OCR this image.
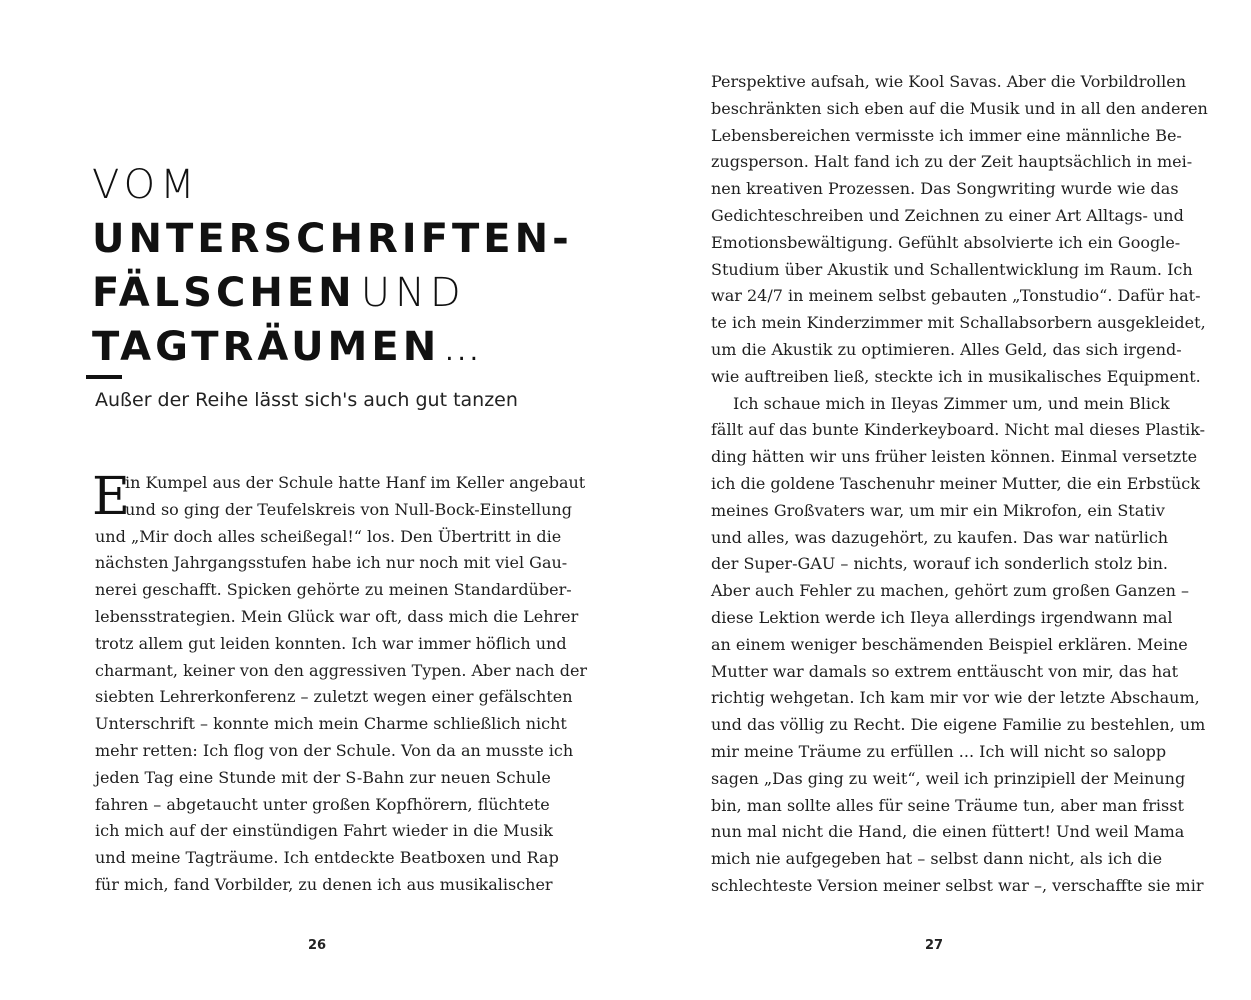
VOM
UNTERSCHRIFTEN-
FÄLSCHEN UND
TAGTRÄUMEN ...
Außer der Reihe lässt sich's auch gut tanzen
E
in Kumpel aus der Schule hatte Hanf im Keller angebaut
und so ging der Teufelskreis von Null-Bock-Einstellung
und „Mir doch alles scheißegal!“ los. Den Übertritt in die
nächsten Jahrgangsstufen habe ich nur noch mit viel Gau-
nerei geschafft. Spicken gehörte zu meinen Standardüber-
lebensstrategien. Mein Glück war oft, dass mich die Lehrer
trotz allem gut leiden konnten. Ich war immer höflich und
charmant, keiner von den aggressiven Typen. Aber nach der
siebten Lehrerkonferenz – zuletzt wegen einer gefälschten
Unterschrift – konnte mich mein Charme schließlich nicht
mehr retten: Ich flog von der Schule. Von da an musste ich
jeden Tag eine Stunde mit der S-Bahn zur neuen Schule
fahren – abgetaucht unter großen Kopfhörern, flüchtete
ich mich auf der einstündigen Fahrt wieder in die Musik
und meine Tagträume. Ich entdeckte Beatboxen und Rap
für mich, fand Vorbilder, zu denen ich aus musikalischer
26
Perspektive aufsah, wie Kool Savas. Aber die Vorbildrollen
beschränkten sich eben auf die Musik und in all den anderen
Lebensbereichen vermisste ich immer eine männliche Be-
zugsperson. Halt fand ich zu der Zeit hauptsächlich in mei-
nen kreativen Prozessen. Das Songwriting wurde wie das
Gedichteschreiben und Zeichnen zu einer Art Alltags- und
Emotionsbewältigung. Gefühlt absolvierte ich ein Google-
Studium über Akustik und Schallentwicklung im Raum. Ich
war 24/7 in meinem selbst gebauten „Tonstudio“. Dafür hat-
te ich mein Kinderzimmer mit Schallabsorbern ausgekleidet,
um die Akustik zu optimieren. Alles Geld, das sich irgend-
wie auftreiben ließ, steckte ich in musikalisches Equipment.
Ich schaue mich in Ileyas Zimmer um, und mein Blick
fällt auf das bunte Kinderkeyboard. Nicht mal dieses Plastik-
ding hätten wir uns früher leisten können. Einmal versetzte
ich die goldene Taschenuhr meiner Mutter, die ein Erbstück
meines Großvaters war, um mir ein Mikrofon, ein Stativ
und alles, was dazugehört, zu kaufen. Das war natürlich
der Super-GAU – nichts, worauf ich sonderlich stolz bin.
Aber auch Fehler zu machen, gehört zum großen Ganzen –
diese Lektion werde ich Ileya allerdings irgendwann mal
an einem weniger beschämenden Beispiel erklären. Meine
Mutter war damals so extrem enttäuscht von mir, das hat
richtig wehgetan. Ich kam mir vor wie der letzte Abschaum,
und das völlig zu Recht. Die eigene Familie zu bestehlen, um
mir meine Träume zu erfüllen ... Ich will nicht so salopp
sagen „Das ging zu weit“, weil ich prinzipiell der Meinung
bin, man sollte alles für seine Träume tun, aber man frisst
nun mal nicht die Hand, die einen füttert! Und weil Mama
mich nie aufgegeben hat – selbst dann nicht, als ich die
schlechteste Version meiner selbst war –, verschaffte sie mir
27
